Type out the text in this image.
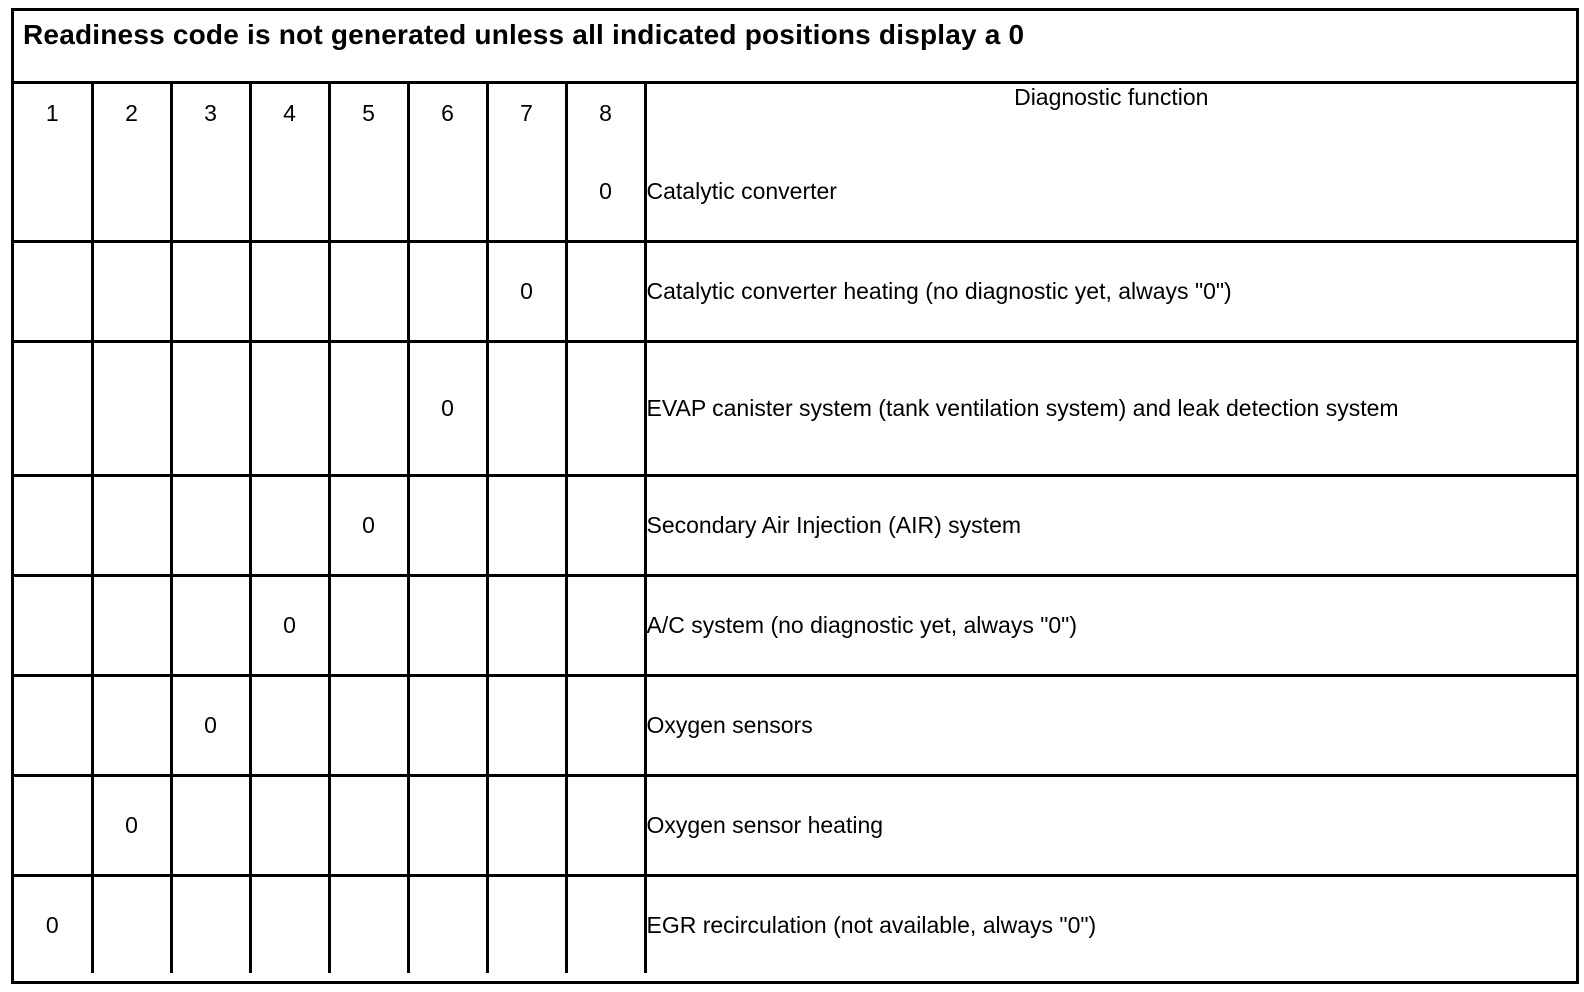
Readiness code is not generated unless all indicated positions display a 0
1	2	3	4	5	6	7	8	Diagnostic function
							0	Catalytic converter
						0		Catalytic converter heating (no diagnostic yet, always "0")
					0			EVAP canister system (tank ventilation system) and leak detection system
				0				Secondary Air Injection (AIR) system
			0					A/C system (no diagnostic yet, always "0")
		0						Oxygen sensors
	0							Oxygen sensor heating
0								EGR recirculation (not available, always "0")
